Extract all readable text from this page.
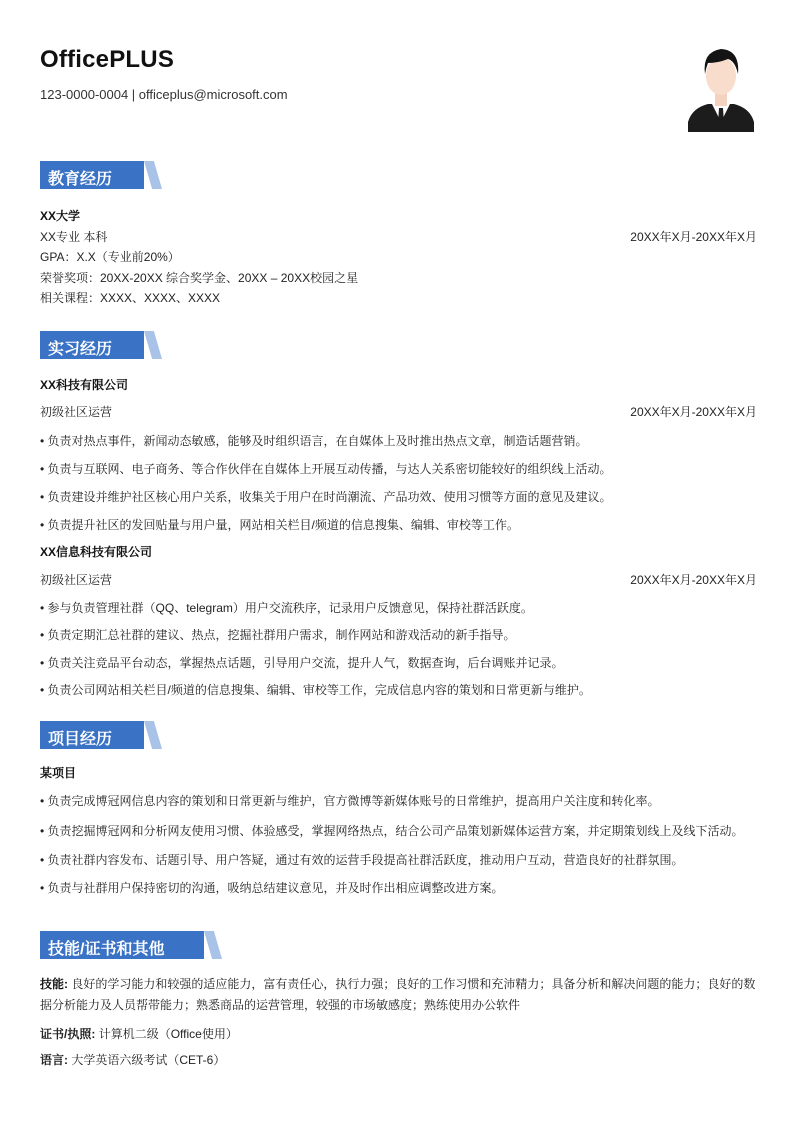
OfficePLUS
123-0000-0004 | officeplus@microsoft.com
教育经历
XX大学
XX专业 本科	20XX年X月-20XX年X月
GPA：X.X（专业前20%）
荣誉奖项：20XX-20XX 综合奖学金、20XX – 20XX校园之星
相关课程：XXXX、XXXX、XXXX
实习经历
XX科技有限公司
初级社区运营	20XX年X月-20XX年X月
• 负责对热点事件，新闻动态敏感，能够及时组织语言，在自媒体上及时推出热点文章，制造话题营销。
• 负责与互联网、电子商务、等合作伙伴在自媒体上开展互动传播，与达人关系密切能较好的组织线上活动。
• 负责建设并维护社区核心用户关系，收集关于用户在时尚潮流、产品功效、使用习惯等方面的意见及建议。
• 负责提升社区的发回贴量与用户量，网站相关栏目/频道的信息搜集、编辑、审校等工作。
XX信息科技有限公司
初级社区运营	20XX年X月-20XX年X月
• 参与负责管理社群（QQ、telegram）用户交流秩序，记录用户反馈意见，保持社群活跃度。
• 负责定期汇总社群的建议、热点，挖掘社群用户需求，制作网站和游戏活动的新手指导。
• 负责关注竞品平台动态，掌握热点话题，引导用户交流，提升人气，数据查询，后台调账并记录。
• 负责公司网站相关栏目/频道的信息搜集、编辑、审校等工作，完成信息内容的策划和日常更新与维护。
项目经历
某项目
• 负责完成博冠网信息内容的策划和日常更新与维护，官方微博等新媒体账号的日常维护，提高用户关注度和转化率。
• 负责挖掘博冠网和分析网友使用习惯、体验感受，掌握网络热点，结合公司产品策划新媒体运营方案，并定期策划线上及线下活动。
• 负责社群内容发布、话题引导、用户答疑，通过有效的运营手段提高社群活跃度，推动用户互动，营造良好的社群氛围。
• 负责与社群用户保持密切的沟通，吸纳总结建议意见，并及时作出相应调整改进方案。
技能/证书和其他
技能: 良好的学习能力和较强的适应能力，富有责任心，执行力强；良好的工作习惯和充沛精力；具备分析和解决问题的能力；良好的数据分析能力及人员帮带能力；熟悉商品的运营管理，较强的市场敏感度；熟练使用办公软件
证书/执照: 计算机二级（Office使用）
语言: 大学英语六级考试（CET-6）
